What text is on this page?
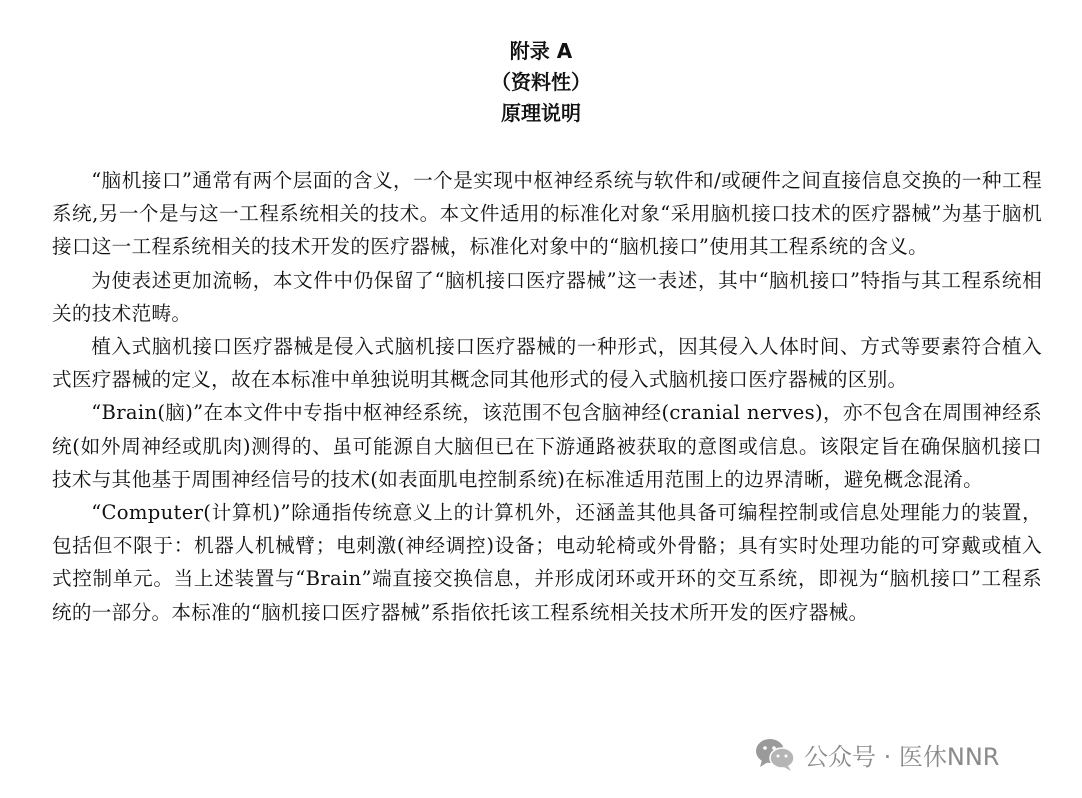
附录 A
（资料性）
原理说明

“脑机接口”通常有两个层面的含义，一个是实现中枢神经系统与软件和/或硬件之间直接信息交换的一种工程系统,另一个是与这一工程系统相关的技术。本文件适用的标准化对象“采用脑机接口技术的医疗器械”为基于脑机接口这一工程系统相关的技术开发的医疗器械，标准化对象中的“脑机接口”使用其工程系统的含义。

为使表述更加流畅，本文件中仍保留了“脑机接口医疗器械”这一表述，其中“脑机接口”特指与其工程系统相关的技术范畴。

植入式脑机接口医疗器械是侵入式脑机接口医疗器械的一种形式，因其侵入人体时间、方式等要素符合植入式医疗器械的定义，故在本标准中单独说明其概念同其他形式的侵入式脑机接口医疗器械的区别。

“Brain(脑)”在本文件中专指中枢神经系统，该范围不包含脑神经(cranial nerves)，亦不包含在周围神经系统(如外周神经或肌肉)测得的、虽可能源自大脑但已在下游通路被获取的意图或信息。该限定旨在确保脑机接口技术与其他基于周围神经信号的技术(如表面肌电控制系统)在标准适用范围上的边界清晰，避免概念混淆。

“Computer(计算机)”除通指传统意义上的计算机外，还涵盖其他具备可编程控制或信息处理能力的装置，包括但不限于：机器人机械臂；电刺激(神经调控)设备；电动轮椅或外骨骼；具有实时处理功能的可穿戴或植入式控制单元。当上述装置与“Brain”端直接交换信息，并形成闭环或开环的交互系统，即视为“脑机接口”工程系统的一部分。本标准的“脑机接口医疗器械”系指依托该工程系统相关技术所开发的医疗器械。

公众号 · 医休NNR
